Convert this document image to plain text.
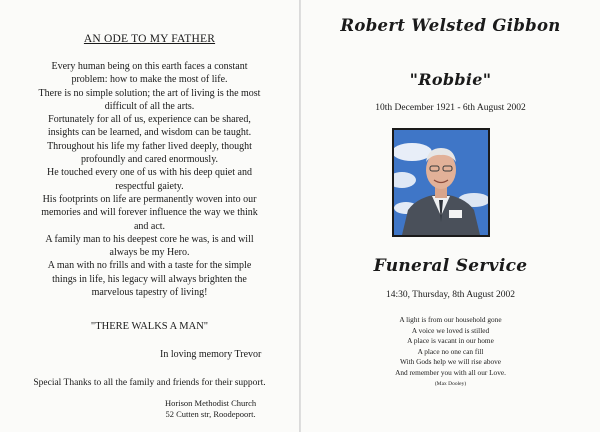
AN ODE TO MY FATHER
Every human being on this earth faces a constant
problem: how to make the most of life.
There is no simple solution; the art of living is the most
difficult of all the arts.
Fortunately for all of us, experience can be shared,
insights can be learned, and wisdom can be taught.
Throughout his life my father lived deeply, thought
profoundly and cared enormously.
He touched every one of us with his deep quiet and
respectful gaiety.
His footprints on life are permanently woven into our
memories and will forever influence the way we think
and act.
A family man to his deepest core he was, is and will
always be my Hero.
A man with no frills and with a taste for the simple
things in life, his legacy will always brighten the
marvelous tapestry of living!
"THERE WALKS A MAN"
In loving memory Trevor
Special Thanks to all the family and friends for their support.
Horison Methodist Church
52 Cutten str, Roodepoort.
Robert Welsted Gibbon
"Robbie"
10th December 1921 - 6th August 2002
Funeral Service
14:30, Thursday, 8th August 2002
A light is from our household gone
A voice we loved is stilled
A place is vacant in our home
A place no one can fill
With Gods help we will rise above
And remember you with all our Love.
(Max Dooley)
